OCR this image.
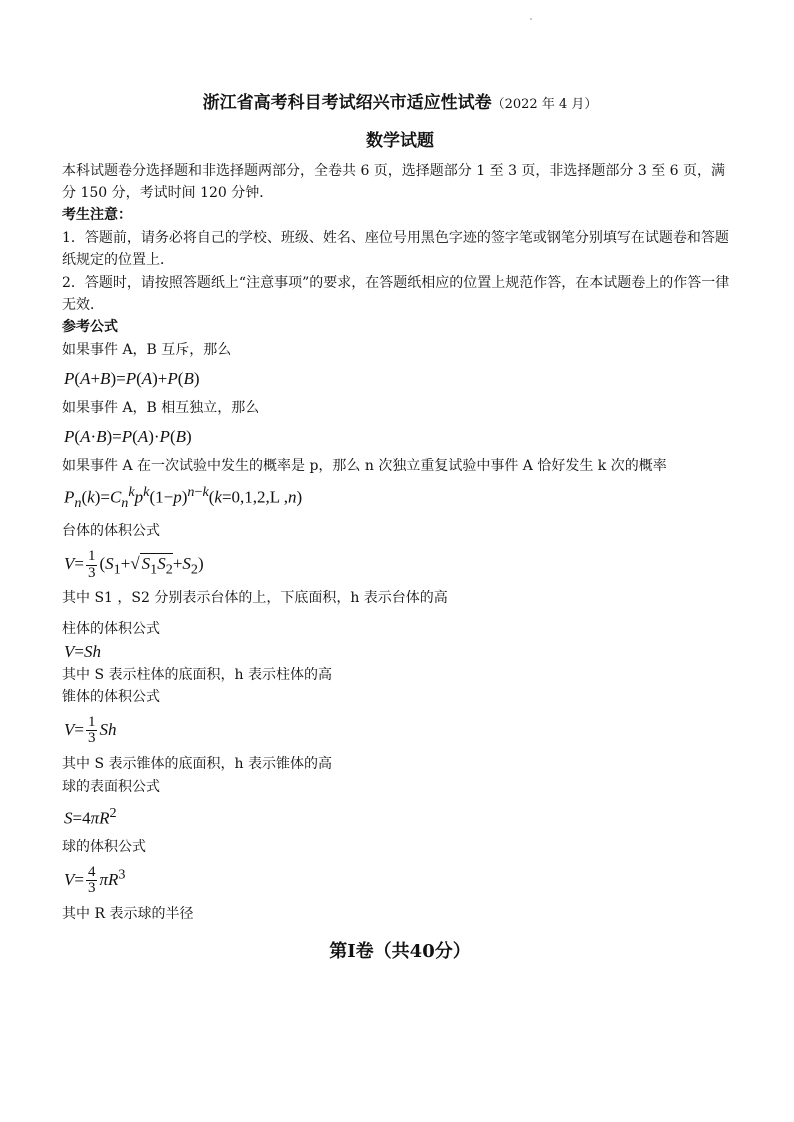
浙江省高考科目考试绍兴市适应性试卷（2022 年 4 月）

数学试题

本科试题卷分选择题和非选择题两部分，全卷共 6 页，选择题部分 1 至 3 页，非选择题部分 3 至 6 页，满分 150 分，考试时间 120 分钟．

考生注意：

1．答题前，请务必将自己的学校、班级、姓名、座位号用黑色字迹的签字笔或钢笔分别填写在试题卷和答题纸规定的位置上．

2．答题时，请按照答题纸上“注意事项”的要求，在答题纸相应的位置上规范作答，在本试题卷上的作答一律无效．

参考公式

如果事件 A，B 互斥，那么

P(A+B)=P(A)+P(B)

如果事件 A，B 相互独立，那么

P(A·B)=P(A)·P(B)

如果事件 A 在一次试验中发生的概率是 p，那么 n 次独立重复试验中事件 A 恰好发生 k 次的概率

$P_n(k)=C_n^kp^k(1-p)^{n-k}(k=0,1,2,L$ ,n)

台体的体积公式

$V= \frac{1}{3} (S_1+√$ $S_1S_2+S_2$)

其中 S1 ，S2 分别表示台体的上，下底面积，h 表示台体的高

柱体的体积公式

V=Sh

其中 S 表示柱体的底面积，h 表示柱体的高

锥体的体积公式

$V= \frac{1}{3}$ Sh

其中 S 表示锥体的底面积，h 表示锥体的高

球的表面积公式

$S=4\pi R^2$

球的体积公式

$V= \frac{4}{3} \pi R^3$

其中 R 表示球的半径

第Ⅰ卷（共40分）
